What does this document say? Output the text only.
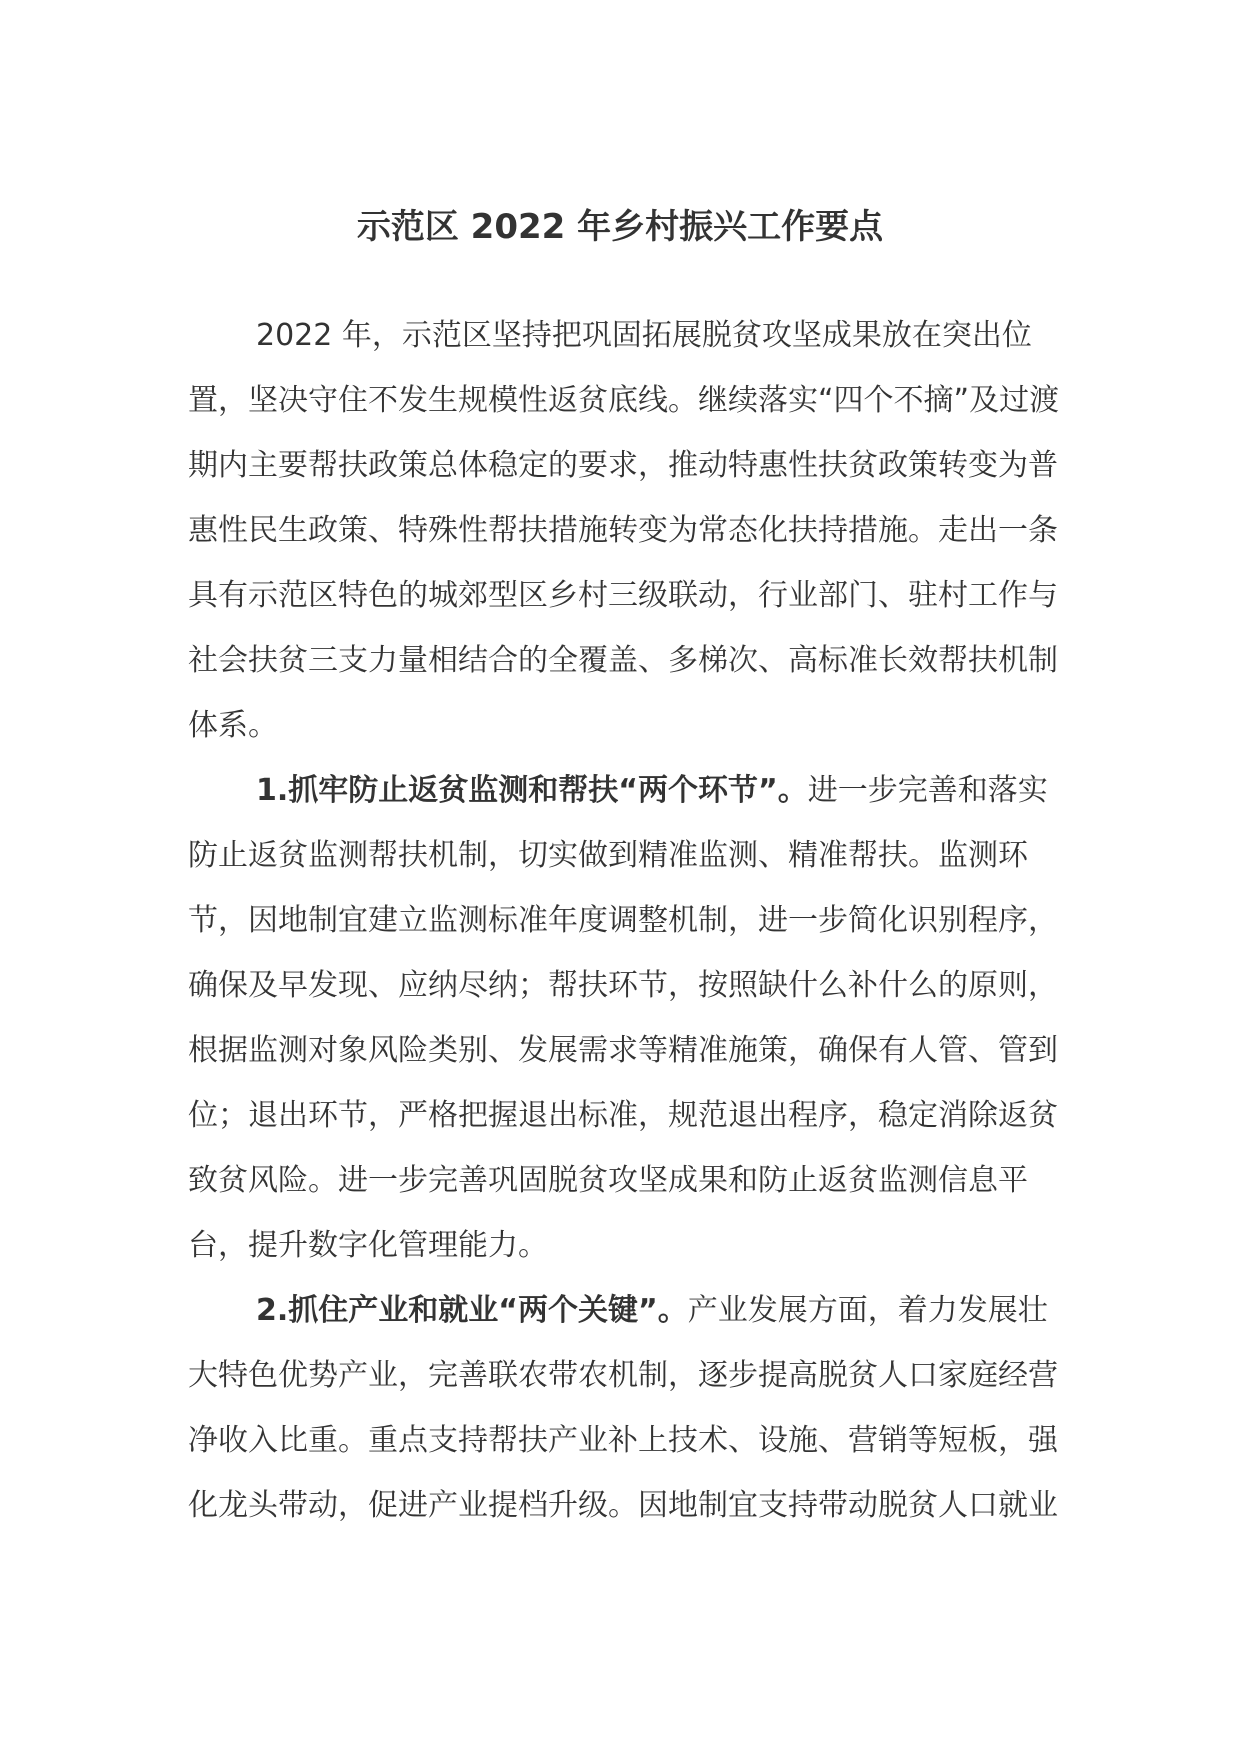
示范区 2022 年乡村振兴工作要点

2022 年，示范区坚持把巩固拓展脱贫攻坚成果放在突出位置，坚决守住不发生规模性返贫底线。继续落实“四个不摘”及过渡期内主要帮扶政策总体稳定的要求，推动特惠性扶贫政策转变为普惠性民生政策、特殊性帮扶措施转变为常态化扶持措施。走出一条具有示范区特色的城郊型区乡村三级联动，行业部门、驻村工作与社会扶贫三支力量相结合的全覆盖、多梯次、高标准长效帮扶机制体系。

1.抓牢防止返贫监测和帮扶“两个环节”。进一步完善和落实防止返贫监测帮扶机制，切实做到精准监测、精准帮扶。监测环节，因地制宜建立监测标准年度调整机制，进一步简化识别程序，确保及早发现、应纳尽纳；帮扶环节，按照缺什么补什么的原则，根据监测对象风险类别、发展需求等精准施策，确保有人管、管到位；退出环节，严格把握退出标准，规范退出程序，稳定消除返贫致贫风险。进一步完善巩固脱贫攻坚成果和防止返贫监测信息平台，提升数字化管理能力。

2.抓住产业和就业“两个关键”。产业发展方面，着力发展壮大特色优势产业，完善联农带农机制，逐步提高脱贫人口家庭经营净收入比重。重点支持帮扶产业补上技术、设施、营销等短板，强化龙头带动，促进产业提档升级。因地制宜支持带动脱贫人口就业
